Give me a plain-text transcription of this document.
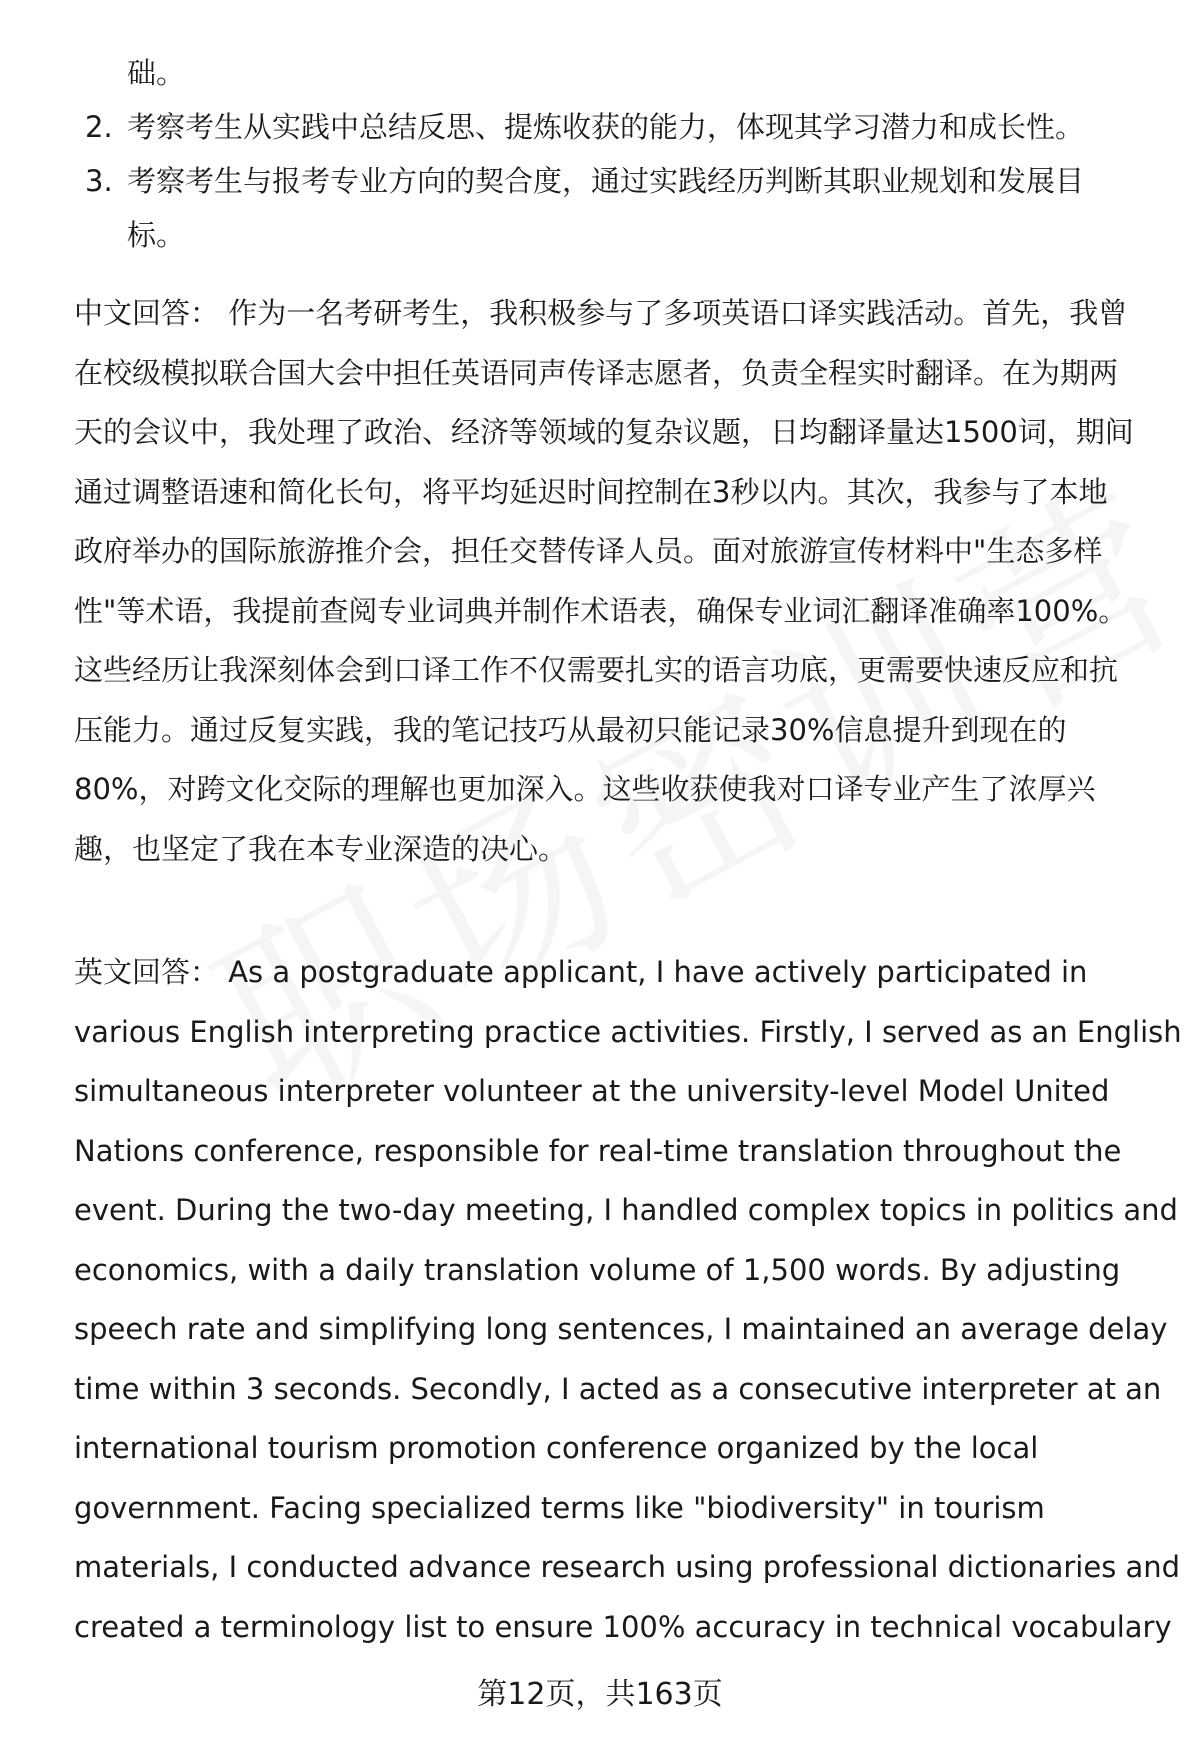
础。
2. 考察考生从实践中总结反思、提炼收获的能力，体现其学习潜力和成长性。
3. 考察考生与报考专业方向的契合度，通过实践经历判断其职业规划和发展目
标。
中文回答： 作为一名考研考生，我积极参与了多项英语口译实践活动。首先，我曾
在校级模拟联合国大会中担任英语同声传译志愿者，负责全程实时翻译。在为期两
天的会议中，我处理了政治、经济等领域的复杂议题，日均翻译量达1500词，期间
通过调整语速和简化长句，将平均延迟时间控制在3秒以内。其次，我参与了本地
政府举办的国际旅游推介会，担任交替传译人员。面对旅游宣传材料中"生态多样
性"等术语，我提前查阅专业词典并制作术语表，确保专业词汇翻译准确率100%。
这些经历让我深刻体会到口译工作不仅需要扎实的语言功底，更需要快速反应和抗
压能力。通过反复实践，我的笔记技巧从最初只能记录30%信息提升到现在的
80%，对跨文化交际的理解也更加深入。这些收获使我对口译专业产生了浓厚兴
趣，也坚定了我在本专业深造的决心。
英文回答： As a postgraduate applicant, I have actively participated in
various English interpreting practice activities. Firstly, I served as an English
simultaneous interpreter volunteer at the university-level Model United
Nations conference, responsible for real-time translation throughout the
event. During the two-day meeting, I handled complex topics in politics and
economics, with a daily translation volume of 1,500 words. By adjusting
speech rate and simplifying long sentences, I maintained an average delay
time within 3 seconds. Secondly, I acted as a consecutive interpreter at an
international tourism promotion conference organized by the local
government. Facing specialized terms like "biodiversity" in tourism
materials, I conducted advance research using professional dictionaries and
created a terminology list to ensure 100% accuracy in technical vocabulary
第12页，共163页
